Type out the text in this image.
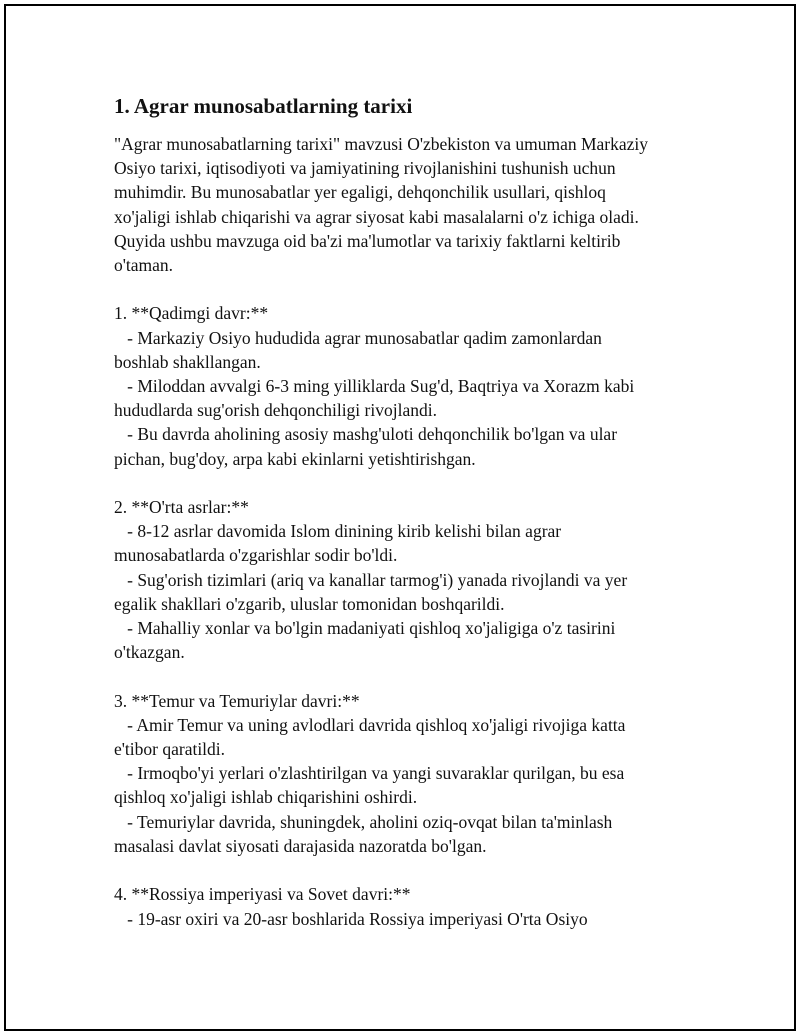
1. Agrar munosabatlarning tarixi

"Agrar munosabatlarning tarixi" mavzusi O'zbekiston va umuman Markaziy
Osiyo tarixi, iqtisodiyoti va jamiyatining rivojlanishini tushunish uchun
muhimdir. Bu munosabatlar yer egaligi, dehqonchilik usullari, qishloq
xo'jaligi ishlab chiqarishi va agrar siyosat kabi masalalarni o'z ichiga oladi.
Quyida ushbu mavzuga oid ba'zi ma'lumotlar va tarixiy faktlarni keltirib
o'taman.

1. **Qadimgi davr:**
- Markaziy Osiyo hududida agrar munosabatlar qadim zamonlardan
boshlab shakllangan.
- Miloddan avvalgi 6-3 ming yilliklarda Sug'd, Baqtriya va Xorazm kabi
hududlarda sug'orish dehqonchiligi rivojlandi.
- Bu davrda aholining asosiy mashg'uloti dehqonchilik bo'lgan va ular
pichan, bug'doy, arpa kabi ekinlarni yetishtirishgan.

2. **O'rta asrlar:**
- 8-12 asrlar davomida Islom dinining kirib kelishi bilan agrar
munosabatlarda o'zgarishlar sodir bo'ldi.
- Sug'orish tizimlari (ariq va kanallar tarmog'i) yanada rivojlandi va yer
egalik shakllari o'zgarib, uluslar tomonidan boshqarildi.
- Mahalliy xonlar va bo'lgin madaniyati qishloq xo'jaligiga o'z tasirini
o'tkazgan.

3. **Temur va Temuriylar davri:**
- Amir Temur va uning avlodlari davrida qishloq xo'jaligi rivojiga katta
e'tibor qaratildi.
- Irmoqbo'yi yerlari o'zlashtirilgan va yangi suvaraklar qurilgan, bu esa
qishloq xo'jaligi ishlab chiqarishini oshirdi.
- Temuriylar davrida, shuningdek, aholini oziq-ovqat bilan ta'minlash
masalasi davlat siyosati darajasida nazoratda bo'lgan.

4. **Rossiya imperiyasi va Sovet davri:**
- 19-asr oxiri va 20-asr boshlarida Rossiya imperiyasi O'rta Osiyo
